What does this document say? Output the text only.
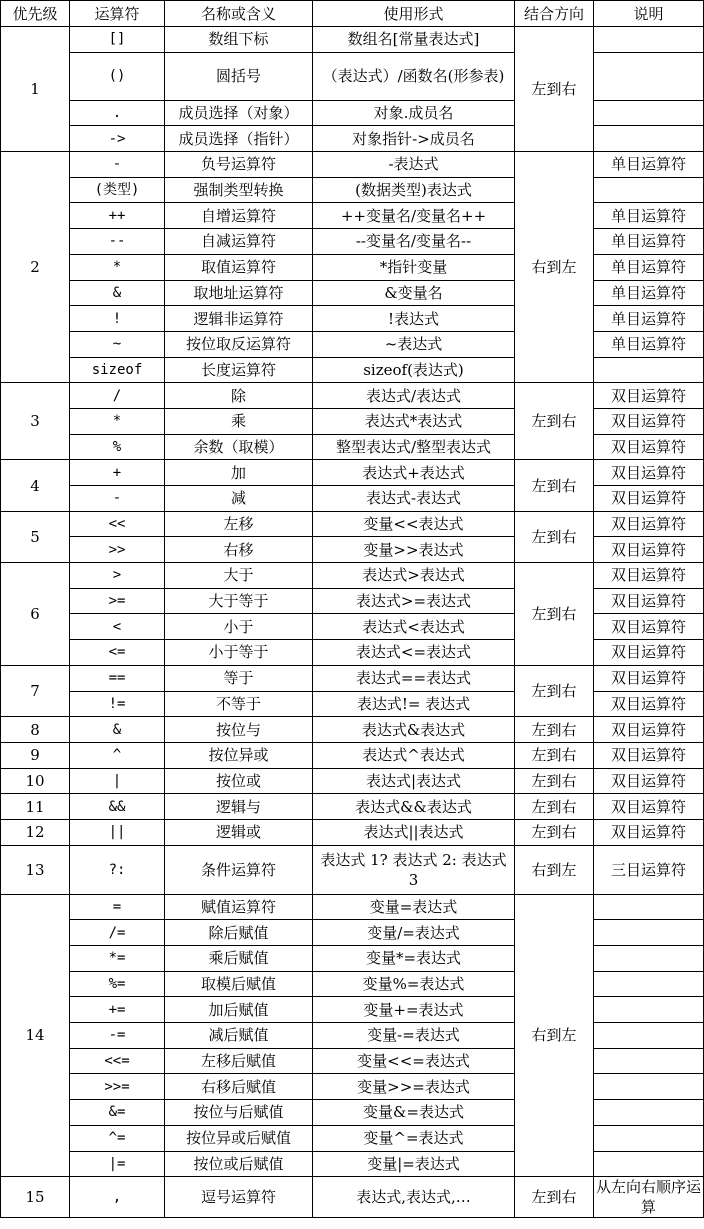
优先级	运算符	名称或含义	使用形式	结合方向	说明
1	[]	数组下标	数组名[常量表达式]	左到右	
	()	圆括号	（表达式）/函数名(形参表)		
	.	成员选择（对象）	对象.成员名		
	->	成员选择（指针）	对象指针->成员名		
2	-	负号运算符	-表达式	右到左	单目运算符
	(类型)	强制类型转换	(数据类型)表达式		
	++	自增运算符	++变量名/变量名++		单目运算符
	--	自减运算符	--变量名/变量名--		单目运算符
	*	取值运算符	*指针变量		单目运算符
	&	取地址运算符	&变量名		单目运算符
	!	逻辑非运算符	!表达式		单目运算符
	~	按位取反运算符	~表达式		单目运算符
	sizeof	长度运算符	sizeof(表达式)		
3	/	除	表达式/表达式	左到右	双目运算符
	*	乘	表达式*表达式		双目运算符
	%	余数（取模）	整型表达式/整型表达式		双目运算符
4	+	加	表达式+表达式	左到右	双目运算符
	-	减	表达式-表达式		双目运算符
5	<<	左移	变量<<表达式	左到右	双目运算符
	>>	右移	变量>>表达式		双目运算符
6	>	大于	表达式>表达式	左到右	双目运算符
	>=	大于等于	表达式>=表达式		双目运算符
	<	小于	表达式<表达式		双目运算符
	<=	小于等于	表达式<=表达式		双目运算符
7	==	等于	表达式==表达式	左到右	双目运算符
	!=	不等于	表达式!= 表达式		双目运算符
8	&	按位与	表达式&表达式	左到右	双目运算符
9	^	按位异或	表达式^表达式	左到右	双目运算符
10	|	按位或	表达式|表达式	左到右	双目运算符
11	&&	逻辑与	表达式&&表达式	左到右	双目运算符
12	||	逻辑或	表达式||表达式	左到右	双目运算符
13	?:	条件运算符	表达式 1? 表达式 2: 表达式 3	右到左	三目运算符
14	=	赋值运算符	变量=表达式	右到左	
	/=	除后赋值	变量/=表达式		
	*=	乘后赋值	变量*=表达式		
	%=	取模后赋值	变量%=表达式		
	+=	加后赋值	变量+=表达式		
	-=	减后赋值	变量-=表达式		
	<<=	左移后赋值	变量<<=表达式		
	>>=	右移后赋值	变量>>=表达式		
	&=	按位与后赋值	变量&=表达式		
	^=	按位异或后赋值	变量^=表达式		
	|=	按位或后赋值	变量|=表达式		
15	,	逗号运算符	表达式,表达式,…	左到右	从左向右顺序运算
